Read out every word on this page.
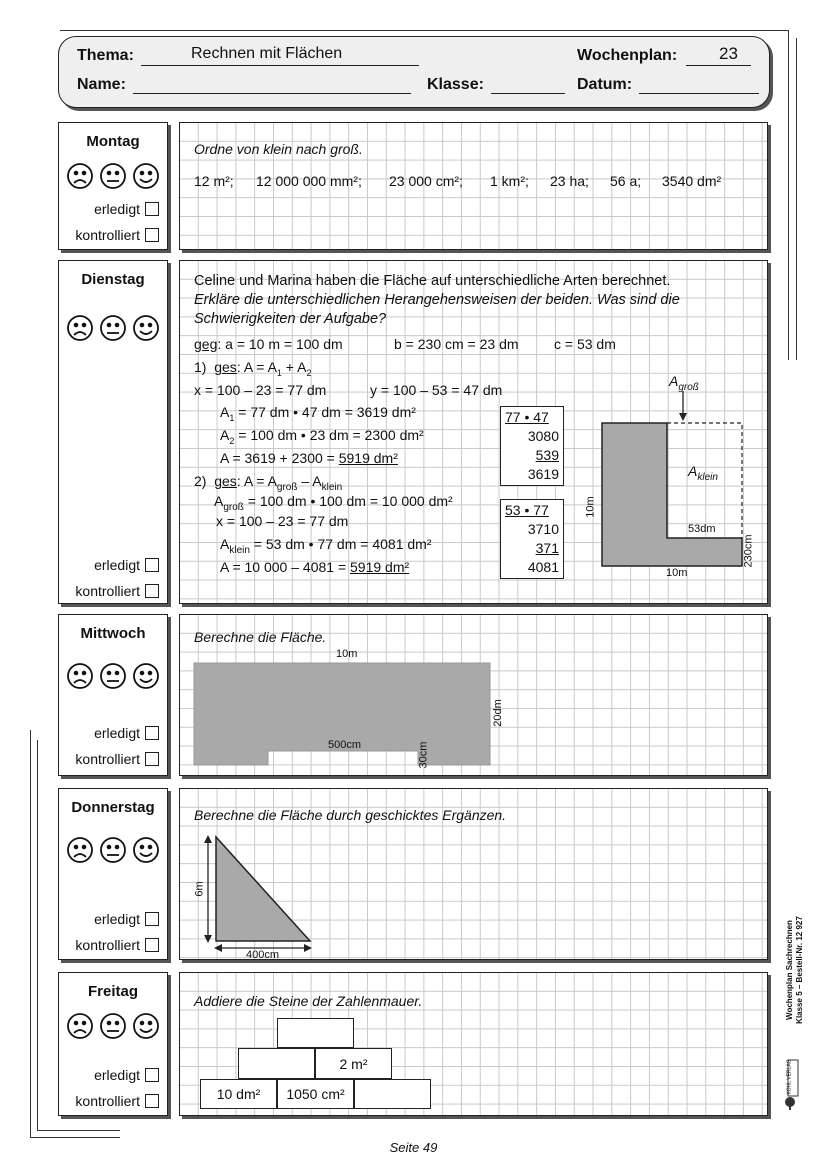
Thema:	Rechnen mit Flächen	Wochenplan: 23
Name:	Klasse:	Datum:
Montag
erledigt
kontrolliert
Ordne von klein nach groß.
12 m²; 12 000 000 mm²; 23 000 cm²; 1 km²; 23 ha; 56 a; 3540 dm²
Dienstag
erledigt
kontrolliert
Celine und Marina haben die Fläche auf unterschiedliche Arten berechnet.
Erkläre die unterschiedlichen Herangehensweisen der beiden. Was sind die
Schwierigkeiten der Aufgabe?
geg: a = 10 m = 100 dm	b = 230 cm = 23 dm	c = 53 dm
1) ges: $A = A_1 + A_2$
x = 100 – 23 = 77 dm	y = 100 – 53 = 47 dm
$A_1 = 77$ dm • 47 dm = 3619 dm²
$A_2 = 100$ dm • 23 dm = 2300 dm²
A = 3619 + 2300 = 5919 dm²
2) ges: $A = A_{groß} - A_{klein}$
$A_{groß} = 100$ dm • 100 dm = 10 000 dm²
x = 100 – 23 = 77 dm
$A_{klein} = 53$ dm • 77 dm = 4081 dm²
A = 10 000 – 4081 = 5919 dm²
77 • 47
3080
539
3619
53 • 77
3710
371
4081
$A_{groß}$
$A_{klein}$
10m
53dm
230cm
10m
Mittwoch
erledigt
kontrolliert
Berechne die Fläche.
10m
20dm
500cm	30cm
Donnerstag
erledigt
kontrolliert
Berechne die Fläche durch geschicktes Ergänzen.
6m
400cm
Freitag
erledigt
kontrolliert
Addiere die Steine der Zahlenmauer.
2 m²
10 dm² 1050 cm²
Wochenplan Sachrechnen Klasse 5 – Bestell-Nr. 12 927
KOHL VERLAG
Seite 49
